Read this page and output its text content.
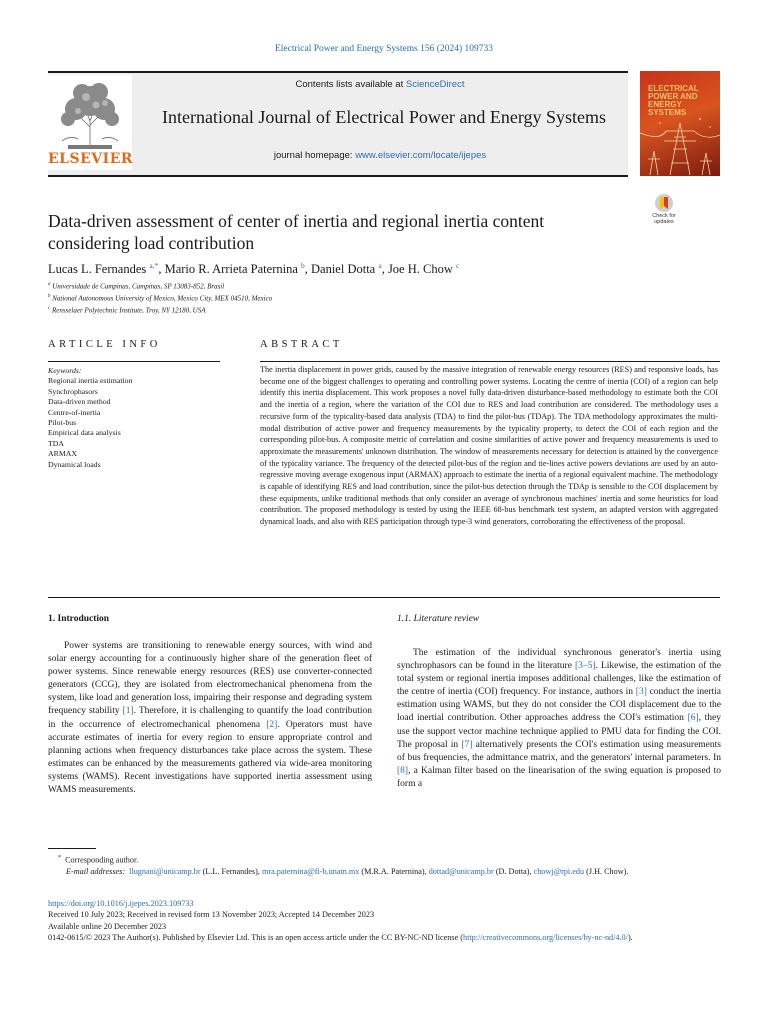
Electrical Power and Energy Systems 156 (2024) 109733
ELSEVIER
Contents lists available at ScienceDirect
International Journal of Electrical Power and Energy Systems
journal homepage: www.elsevier.com/locate/ijepes
ELECTRICAL POWER AND ENERGY SYSTEMS
Check for updates
Data-driven assessment of center of inertia and regional inertia content considering load contribution
Lucas L. Fernandes $^{a,*}$, Mario R. Arrieta Paternina $^b$, Daniel Dotta $^a$, Joe H. Chow $^c$
$^a$ Universidade de Campinas, Campinas, SP 13083-852, Brasil
$^b$ National Autonomous University of Mexico, Mexico City, MEX 04510, Mexico
$^c$ Rensselaer Polytechnic Institute, Troy, NY 12180, USA
ARTICLE INFO	ABSTRACT
Keywords:
Regional inertia estimation
Synchrophasors
Data-driven method
Centre-of-inertia
Pilot-bus
Empirical data analysis
TDA
ARMAX
Dynamical loads

The inertia displacement in power grids, caused by the massive integration of renewable energy resources (RES) and responsive loads, has become one of the biggest challenges to operating and controlling power systems. Locating the centre of inertia (COI) of a region can help identify this inertia displacement. This work proposes a novel fully data-driven disturbance-based methodology to estimate both the COI and the inertia of a region, where the variation of the COI due to RES and load contribution are considered. The methodology uses a recursive form of the typicality-based data analysis (TDA) to find the pilot-bus (TDAp). The TDA methodology approximates the multi-modal distribution of active power and frequency measurements by the typicality property, to detect the COI of each region and the corresponding pilot-bus. A composite metric of correlation and cosine similarities of active power and frequency measurements is used to approximate the measurements' unknown distribution. The window of measurements necessary for detection is attained by the convergence of the typicality variance. The frequency of the detected pilot-bus of the region and tie-lines active powers deviations are used by an auto-regressive moving average exogenous input (ARMAX) approach to estimate the inertia of a regional equivalent machine. The methodology is capable of identifying RES and load contribution, since the pilot-bus detection through the TDAp is sensible to the COI displacement by these equipments, unlike traditional methods that only consider an average of synchronous machines' inertia and some heuristics for load contribution. The proposed methodology is tested by using the IEEE 68-bus benchmark test system, an adapted version with aggregated dynamical loads, and also with RES participation through type-3 wind generators, corroborating the effectiveness of the proposal.

1. Introduction	1.1. Literature review

Power systems are transitioning to renewable energy sources, with wind and solar energy accounting for a continuously higher share of the generation fleet of power systems. Since renewable energy resources (RES) use converter-connected generators (CCG), they are isolated from electromechanical phenomena from the system, like load and generation loss, impairing their response and degrading system frequency stability [1]. Therefore, it is challenging to quantify the load contribution in the occurrence of electromechanical phenomena [2]. Operators must have accurate estimates of inertia for every region to ensure appropriate control and planning actions when frequency disturbances take place across the system. These estimates can be enhanced by the measurements gathered via wide-area monitoring systems (WAMS). Recent investigations have supported inertia assessment using WAMS measurements.

The estimation of the individual synchronous generator's inertia using synchrophasors can be found in the literature [3–5]. Likewise, the estimation of the total system or regional inertia imposes additional challenges, like the estimation of the centre of inertia (COI) frequency. For instance, authors in [3] conduct the inertia estimation using WAMS, but they do not consider the COI displacement due to the load inertial contribution. Other approaches address the COI's estimation [6], they use the support vector machine technique applied to PMU data for finding the COI. The proposal in [7] alternatively presents the COI's estimation using measurements of bus frequencies, the admittance matrix, and the generators' internal parameters. In [8], a Kalman filter based on the linearisation of the swing equation is proposed to form a

* Corresponding author.
E-mail addresses: llugnani@unicamp.br (L.L. Fernandes), mra.paternina@fi-b.unam.mx (M.R.A. Paternina), dottad@unicamp.br (D. Dotta), chowj@rpi.edu (J.H. Chow).
https://doi.org/10.1016/j.ijepes.2023.109733
Received 10 July 2023; Received in revised form 13 November 2023; Accepted 14 December 2023
Available online 20 December 2023
0142-0615/© 2023 The Author(s). Published by Elsevier Ltd. This is an open access article under the CC BY-NC-ND license (http://creativecommons.org/licenses/by-nc-nd/4.0/).
